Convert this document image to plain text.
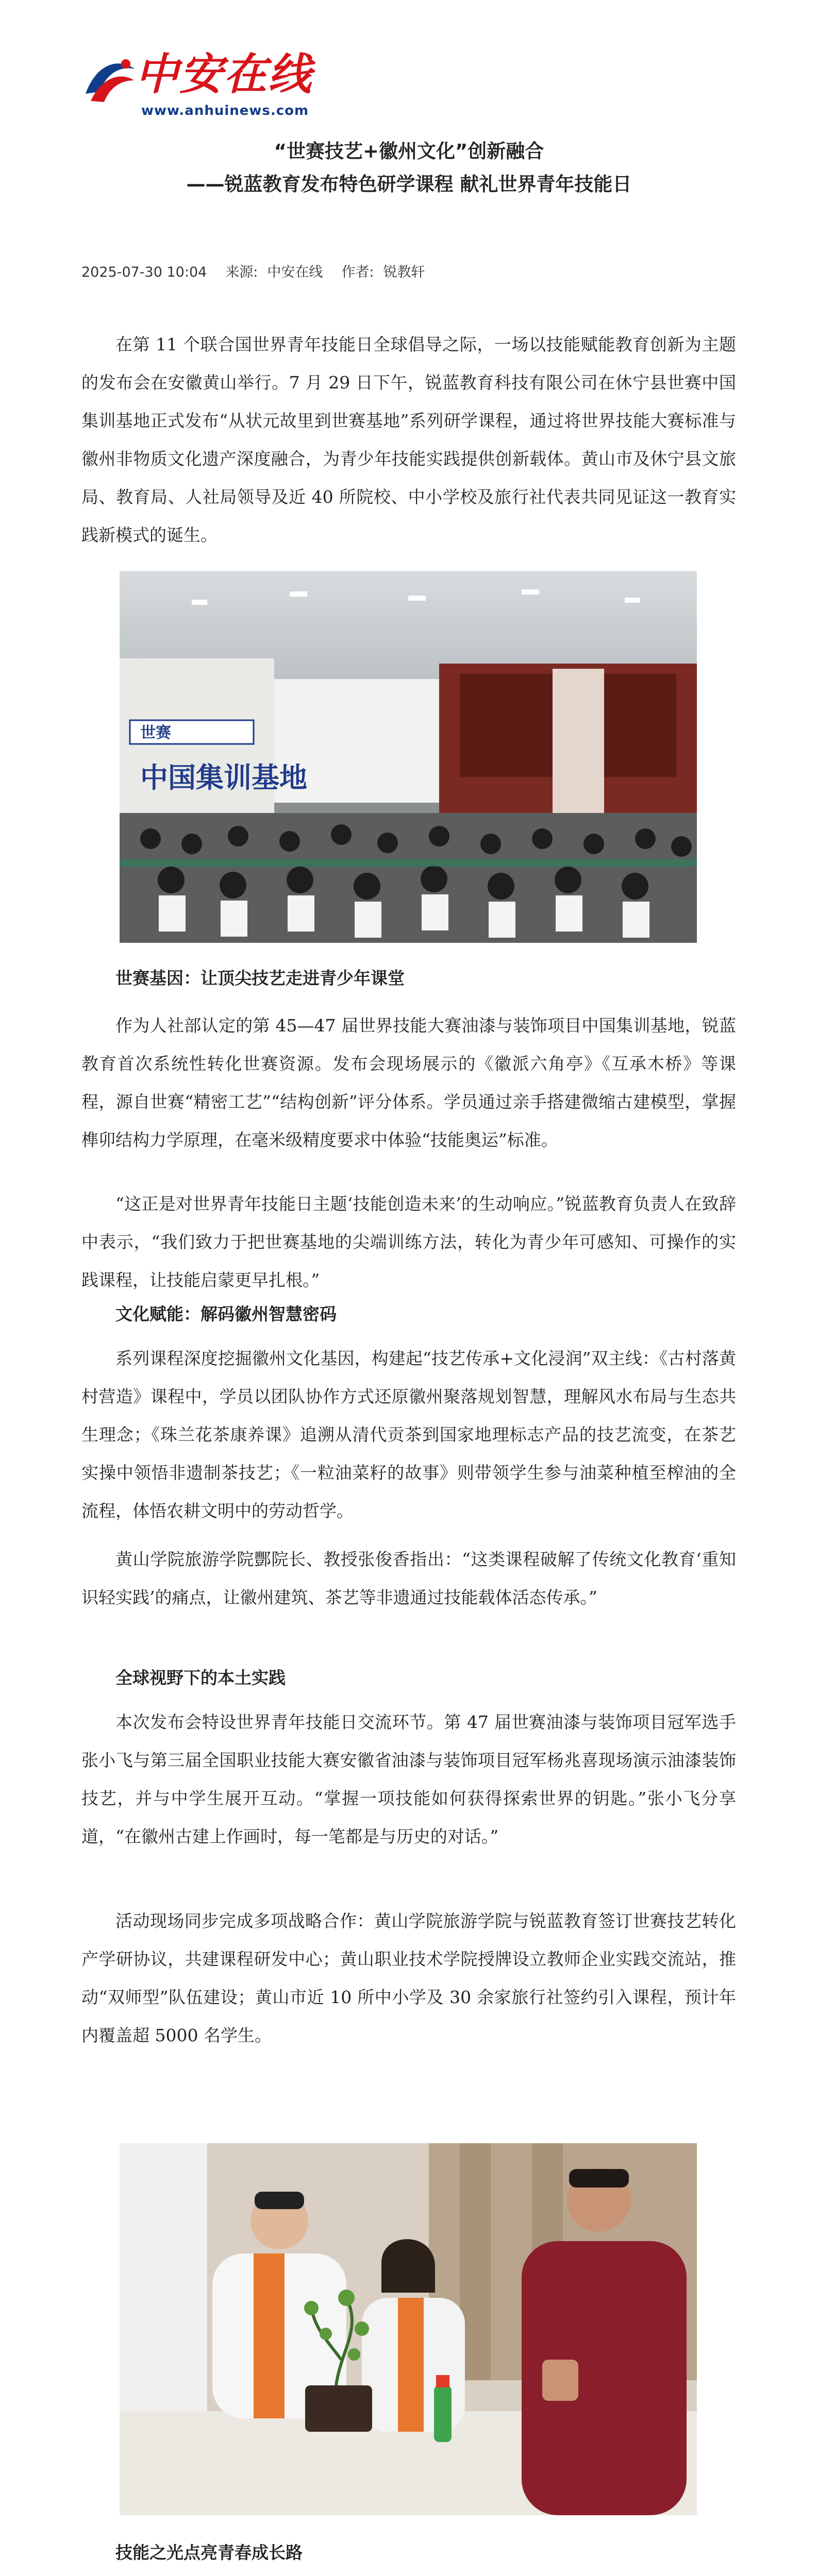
中安在线
www.anhuinews.com
“世赛技艺+徽州文化”创新融合
——锐蓝教育发布特色研学课程 献礼世界青年技能日
2025-07-30 10:04 来源: 中安在线 作者: 锐教轩

在第 11 个联合国世界青年技能日全球倡导之际，一场以技能赋能教育创新为主题的发布会在安徽黄山举行。7 月 29 日下午，锐蓝教育科技有限公司在休宁县世赛中国集训基地正式发布“从状元故里到世赛基地”系列研学课程，通过将世界技能大赛标准与徽州非物质文化遗产深度融合，为青少年技能实践提供创新载体。黄山市及休宁县文旅局、教育局、人社局领导及近 40 所院校、中小学校及旅行社代表共同见证这一教育实践新模式的诞生。

世赛
中国集训基地
世赛基因：让顶尖技艺走进青少年课堂

作为人社部认定的第 45—47 届世界技能大赛油漆与装饰项目中国集训基地，锐蓝教育首次系统性转化世赛资源。发布会现场展示的《徽派六角亭》《互承木桥》等课程，源自世赛“精密工艺”“结构创新”评分体系。学员通过亲手搭建微缩古建模型，掌握榫卯结构力学原理，在毫米级精度要求中体验“技能奥运”标准。

“这正是对世界青年技能日主题‘技能创造未来’的生动响应。”锐蓝教育负责人在致辞中表示，“我们致力于把世赛基地的尖端训练方法，转化为青少年可感知、可操作的实践课程，让技能启蒙更早扎根。”

文化赋能：解码徽州智慧密码

系列课程深度挖掘徽州文化基因，构建起“技艺传承+文化浸润”双主线：《古村落黄村营造》课程中，学员以团队协作方式还原徽州聚落规划智慧，理解风水布局与生态共生理念；《珠兰花茶康养课》追溯从清代贡茶到国家地理标志产品的技艺流变，在茶艺实操中领悟非遗制茶技艺；《一粒油菜籽的故事》则带领学生参与油菜种植至榨油的全流程，体悟农耕文明中的劳动哲学。

黄山学院旅游学院酆院长、教授张俊香指出：“这类课程破解了传统文化教育‘重知识轻实践’的痛点，让徽州建筑、茶艺等非遗通过技能载体活态传承。”

全球视野下的本土实践

本次发布会特设世界青年技能日交流环节。第 47 届世赛油漆与装饰项目冠军选手张小飞与第三届全国职业技能大赛安徽省油漆与装饰项目冠军杨兆喜现场演示油漆装饰技艺，并与中学生展开互动。“掌握一项技能如何获得探索世界的钥匙。”张小飞分享道，“在徽州古建上作画时，每一笔都是与历史的对话。”

活动现场同步完成多项战略合作：黄山学院旅游学院与锐蓝教育签订世赛技艺转化产学研协议，共建课程研发中心；黄山职业技术学院授牌设立教师企业实践交流站，推动“双师型”队伍建设；黄山市近 10 所中小学及 30 余家旅行社签约引入课程，预计年内覆盖超 5000 名学生。

技能之光点亮青春成长路
